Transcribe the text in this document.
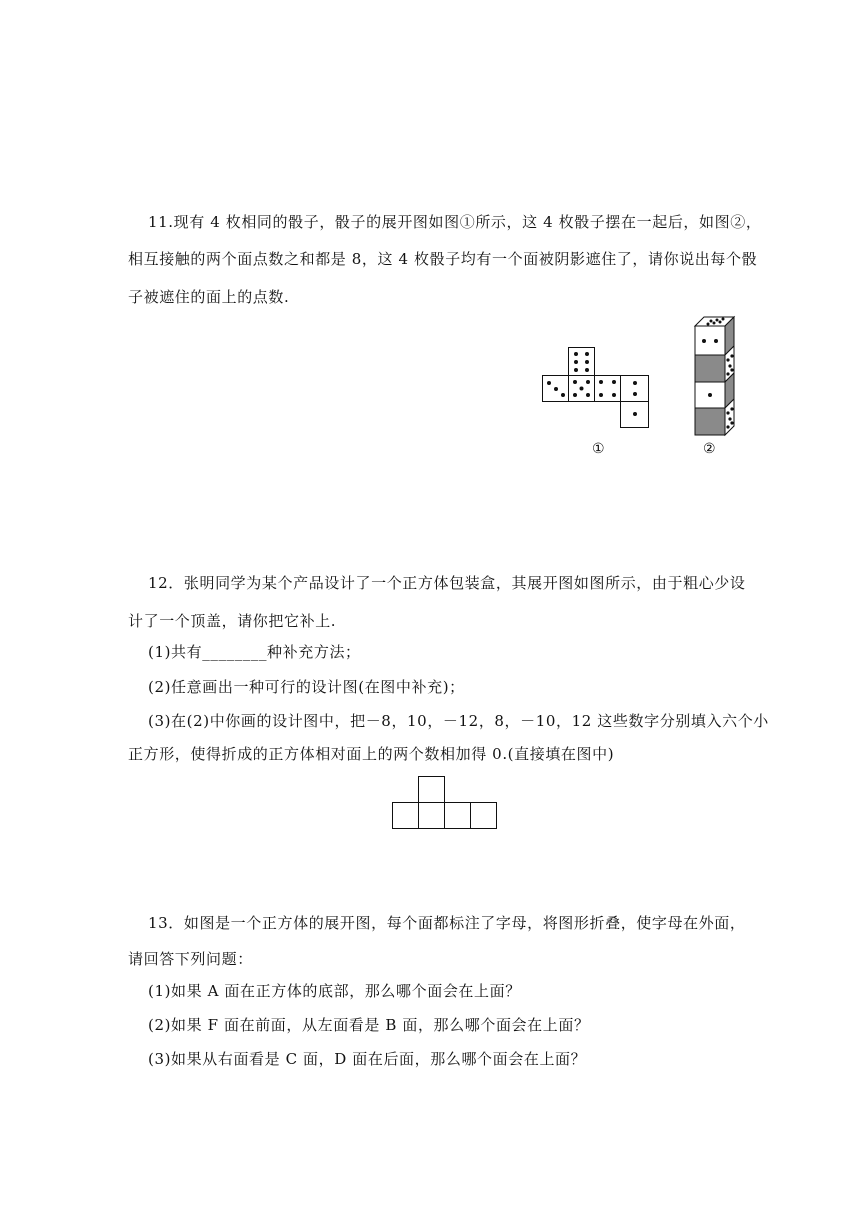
11.现有 4 枚相同的骰子，骰子的展开图如图①所示，这 4 枚骰子摆在一起后，如图②，
相互接触的两个面点数之和都是 8，这 4 枚骰子均有一个面被阴影遮住了，请你说出每个骰
子被遮住的面上的点数.
①	②
12．张明同学为某个产品设计了一个正方体包装盒，其展开图如图所示，由于粗心少设
计了一个顶盖，请你把它补上.
(1)共有________种补充方法；
(2)任意画出一种可行的设计图(在图中补充)；
(3)在(2)中你画的设计图中，把－8，10，－12，8，－10，12 这些数字分别填入六个小
正方形，使得折成的正方体相对面上的两个数相加得 0.(直接填在图中)
13．如图是一个正方体的展开图，每个面都标注了字母，将图形折叠，使字母在外面，
请回答下列问题：
(1)如果 A 面在正方体的底部，那么哪个面会在上面？
(2)如果 F 面在前面，从左面看是 B 面，那么哪个面会在上面？
(3)如果从右面看是 C 面，D 面在后面，那么哪个面会在上面？
